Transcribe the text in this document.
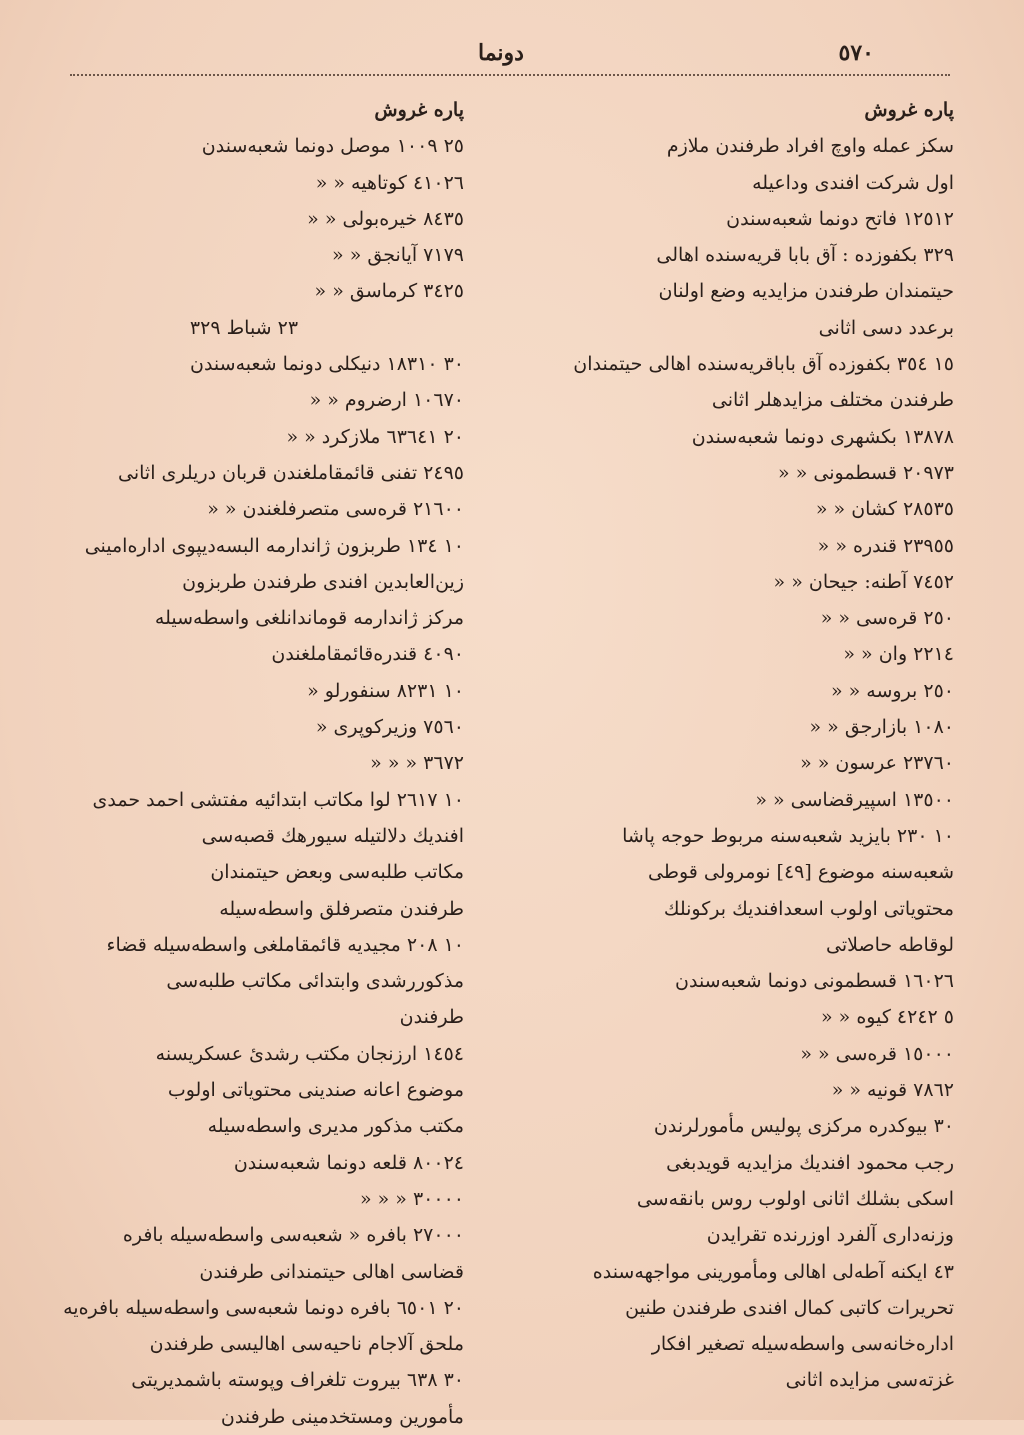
٥٧٠
دونما
پاره غروش
سكز عمله واوچ افراد طرفندن ملازم
اول شركت افندى وداعيله
١٢٥١٢ فاتح دونما شعبه‌سندن
٣٢٩ بكفوزده : آق بابا قريه‌سنده اهالی
حيتمندان طرفندن مزايديه وضع اولنان
برعدد دسى اثانى
١٥ ٣٥٤ بكفوزده آق باباقريه‌سنده اهالی حيتمندان
طرفندن مختلف مزايدهلر اثانى
١٣٨٧٨ بكشهرى دونما شعبه‌سندن
٢٠٩٧٣ قسطمونى « «
٢٨٥٣٥ كشان « «
٢٣٩٥٥ قندره « «
٧٤٥٢ آطنه: جيحان « «
٢٥٠ قره‌سى « «
٢٢١٤ وان « «
٢٥٠ بروسه « «
١٠٨٠ بازارجق « «
٢٣٧٦٠ عرسون « «
١٣٥٠٠ اسپيرقضاسى « «
١٠ ٢٣٠ بايزيد شعبه‌سنه مربوط حوجه پاشا
شعبه‌سنه موضوع [٤٩] نومرولى قوطى
محتوياتى اولوب اسعدافنديك بركونلك
لوقاطه حاصلاتى
١٦٠٢٦ قسطمونى دونما شعبه‌سندن
٥ ٤٢٤٢ كيوه « «
١٥٠٠٠ قره‌سى « «
٧٨٦٢ قونيه « «
٣٠ بيوكدره مركزى پوليس مأمورلرندن
رجب محمود افنديك مزايديه قويدبغى
اسكى بشلك اثانى اولوب روس بانقه‌سى
وزنه‌دارى آلفرد اوزرنده تقرايدن
٤٣ ايكنه آطه‌لى اهالى ومأمورينى مواجهه‌سنده
تحريرات كاتبى كمال افندى طرفندن طنين
اداره‌خانه‌سى واسطه‌سيله تصغير افكار
غزته‌سى مزايده اثانى
پاره غروش
٢٥ ١٠٠٩ موصل دونما شعبه‌سندن
٤١٠٢٦ كوتاهيه « «
٨٤٣٥ خيره‌بولى « «
٧١٧٩ آيانجق « «
٣٤٢٥ كرماسق « «
٢٣ شباط ٣٢٩
٣٠ ١٨٣١٠ دنيكلى دونما شعبه‌سندن
١٠٦٧٠ ارضروم « «
٢٠ ٦٣٦٤١ ملازكرد « «
٢٤٩٥ تفنى قائمقاملغندن قربان دريلرى اثانى
٢١٦٠٠ قره‌سى متصرفلغندن « «
١٠ ١٣٤ طربزون ژاندارمه البسه‌ديپوى اداره‌امينى
زين‌العابدين افندى طرفندن طربزون
مركز ژاندارمه قوماندانلغى واسطه‌سيله
٤٠٩٠ قندره‌قائمقاملغندن
١٠ ٨٢٣١ سنفورلو «
٧٥٦٠ وزيركوپرى «
٣٦٧٢ « « «
١٠ ٢٦١٧ لوا مكاتب ابتدائيه مفتشى احمد حمدى
افنديك دلالتيله سيورهك قصبه‌سى
مكاتب طلبه‌سى وبعض حيتمندان
طرفندن متصرفلق واسطه‌سيله
١٠ ٢٠٨ مجيديه قائمقاملغى واسطه‌سيله قضاء
مذكوررشدى وابتدائى مكاتب طلبه‌سى
طرفندن
١٤٥٤ ارزنجان مكتب رشدئ عسكريسنه
موضوع اعانه صندينى محتوياتى اولوب
مكتب مذكور مديرى واسطه‌سيله
٨٠٠٢٤ قلعه دونما شعبه‌سندن
٣٠٠٠٠ « « «
٢٧٠٠٠ بافره « شعبه‌سى واسطه‌سيله بافره
قضاسى اهالى حيتمندانى طرفندن
٢٠ ٦٥٠١ بافره دونما شعبه‌سى واسطه‌سيله بافره‌يه
ملحق آلاجام ناحيه‌سى اهاليسى طرفندن
٣٠ ٦٣٨ بيروت تلغراف وپوسته باشمديريتى
مأمورين ومستخدمينى طرفندن
